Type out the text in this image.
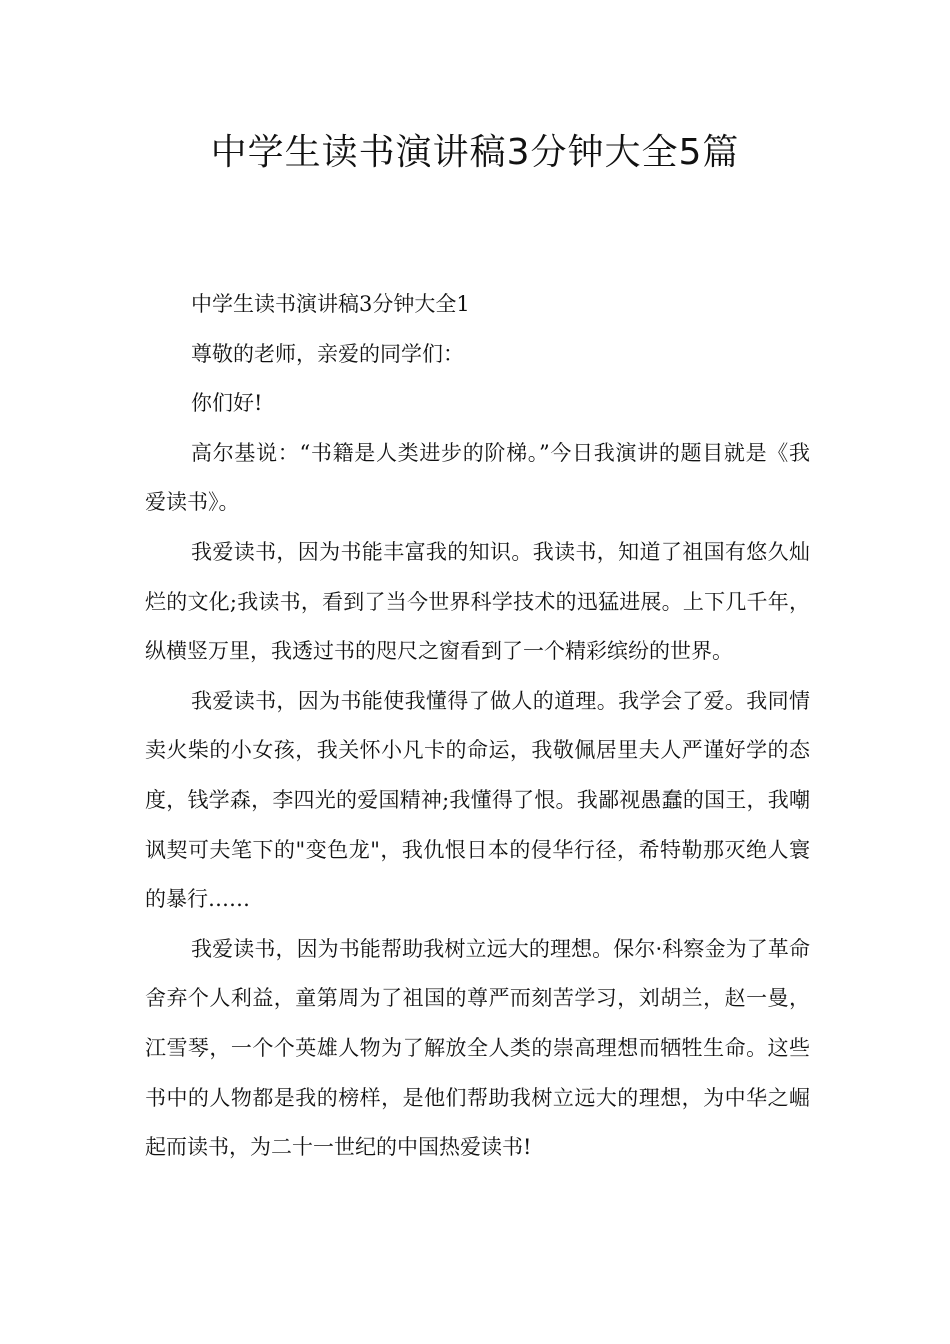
中学生读书演讲稿3分钟大全5篇

中学生读书演讲稿3分钟大全1

尊敬的老师，亲爱的同学们：

你们好!

高尔基说：“书籍是人类进步的阶梯。”今日我演讲的题目就是《我爱读书》。

我爱读书，因为书能丰富我的知识。我读书，知道了祖国有悠久灿烂的文化;我读书，看到了当今世界科学技术的迅猛进展。上下几千年，纵横竖万里，我透过书的咫尺之窗看到了一个精彩缤纷的世界。

我爱读书，因为书能使我懂得了做人的道理。我学会了爱。我同情卖火柴的小女孩，我关怀小凡卡的命运，我敬佩居里夫人严谨好学的态度，钱学森，李四光的爱国精神;我懂得了恨。我鄙视愚蠢的国王，我嘲讽契可夫笔下的"变色龙"，我仇恨日本的侵华行径，希特勒那灭绝人寰的暴行……

我爱读书，因为书能帮助我树立远大的理想。保尔·科察金为了革命舍弃个人利益，童第周为了祖国的尊严而刻苦学习，刘胡兰，赵一曼，江雪琴，一个个英雄人物为了解放全人类的崇高理想而牺牲生命。这些书中的人物都是我的榜样，是他们帮助我树立远大的理想，为中华之崛起而读书，为二十一世纪的中国热爱读书!
